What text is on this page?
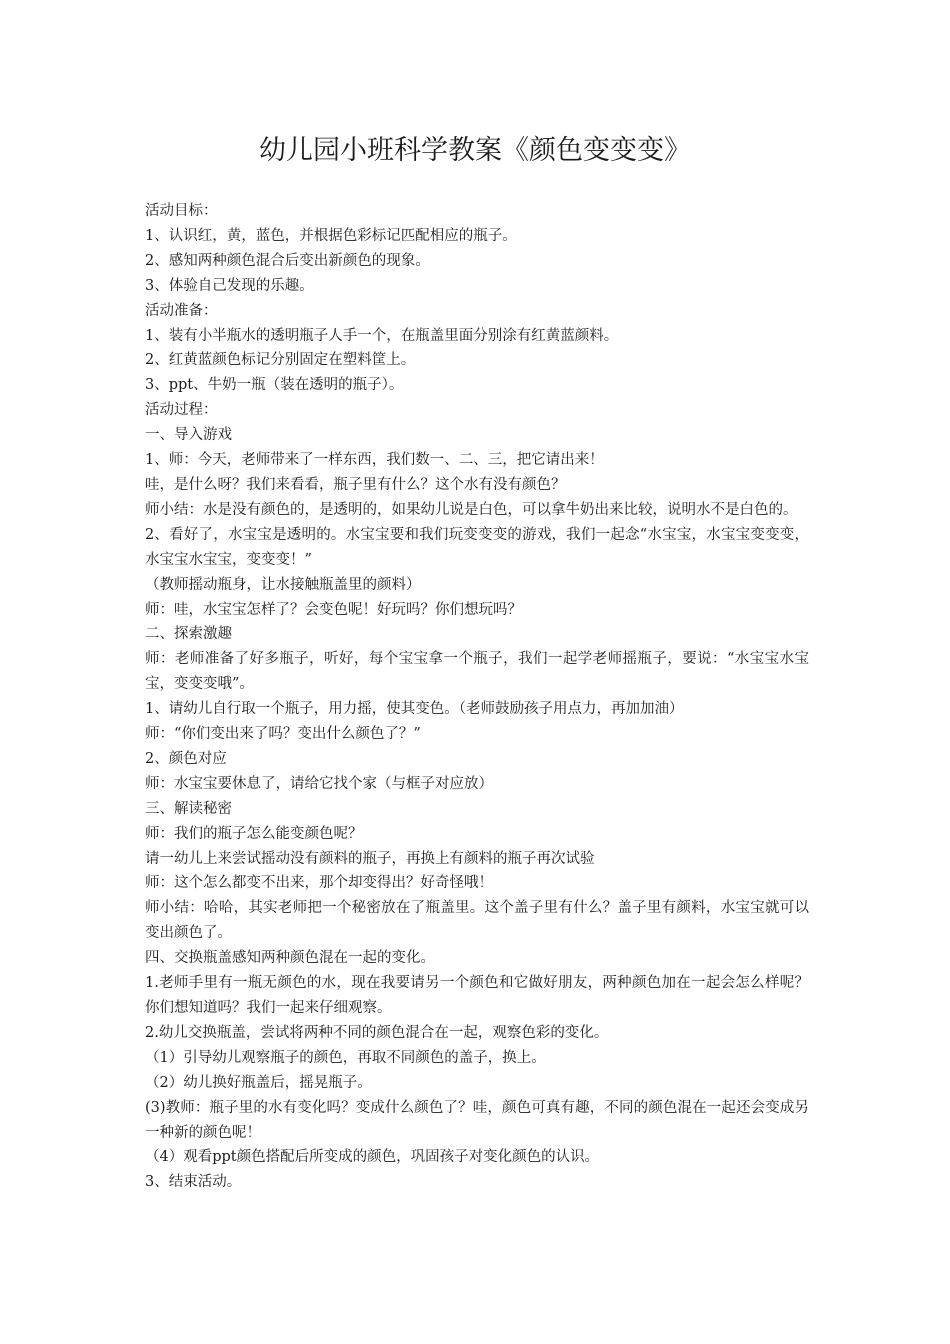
幼儿园小班科学教案《颜色变变变》

活动目标：

1、认识红，黄，蓝色，并根据色彩标记匹配相应的瓶子。

2、感知两种颜色混合后变出新颜色的现象。

3、体验自己发现的乐趣。

活动准备：

1、装有小半瓶水的透明瓶子人手一个，在瓶盖里面分别涂有红黄蓝颜料。

2、红黄蓝颜色标记分别固定在塑料筐上。

3、ppt、牛奶一瓶（装在透明的瓶子）。

活动过程：

一、导入游戏

1、师：今天，老师带来了一样东西，我们数一、二、三，把它请出来！

哇，是什么呀？我们来看看，瓶子里有什么？这个水有没有颜色？

师小结：水是没有颜色的，是透明的，如果幼儿说是白色，可以拿牛奶出来比较，说明水不是白色的。

2、看好了，水宝宝是透明的。水宝宝要和我们玩变变变的游戏，我们一起念“水宝宝，水宝宝变变变，水宝宝水宝宝，变变变！”

（教师摇动瓶身，让水接触瓶盖里的颜料）

师：哇，水宝宝怎样了？会变色呢！好玩吗？你们想玩吗？

二、探索激趣

师：老师准备了好多瓶子，听好，每个宝宝拿一个瓶子，我们一起学老师摇瓶子，要说：“水宝宝水宝宝，变变变哦”。

1、请幼儿自行取一个瓶子，用力摇，使其变色。（老师鼓励孩子用点力，再加加油）

师：“你们变出来了吗？变出什么颜色了？”

2、颜色对应

师：水宝宝要休息了，请给它找个家（与框子对应放）

三、解读秘密

师：我们的瓶子怎么能变颜色呢？

请一幼儿上来尝试摇动没有颜料的瓶子，再换上有颜料的瓶子再次试验

师：这个怎么都变不出来，那个却变得出？好奇怪哦！

师小结：哈哈，其实老师把一个秘密放在了瓶盖里。这个盖子里有什么？盖子里有颜料，水宝宝就可以变出颜色了。

四、交换瓶盖感知两种颜色混在一起的变化。

1.老师手里有一瓶无颜色的水，现在我要请另一个颜色和它做好朋友，两种颜色加在一起会怎么样呢？你们想知道吗？我们一起来仔细观察。

2.幼儿交换瓶盖，尝试将两种不同的颜色混合在一起，观察色彩的变化。

（1）引导幼儿观察瓶子的颜色，再取不同颜色的盖子，换上。

（2）幼儿换好瓶盖后，摇晃瓶子。

(3)教师：瓶子里的水有变化吗？变成什么颜色了？哇，颜色可真有趣，不同的颜色混在一起还会变成另一种新的颜色呢！

（4）观看ppt颜色搭配后所变成的颜色，巩固孩子对变化颜色的认识。

3、结束活动。
